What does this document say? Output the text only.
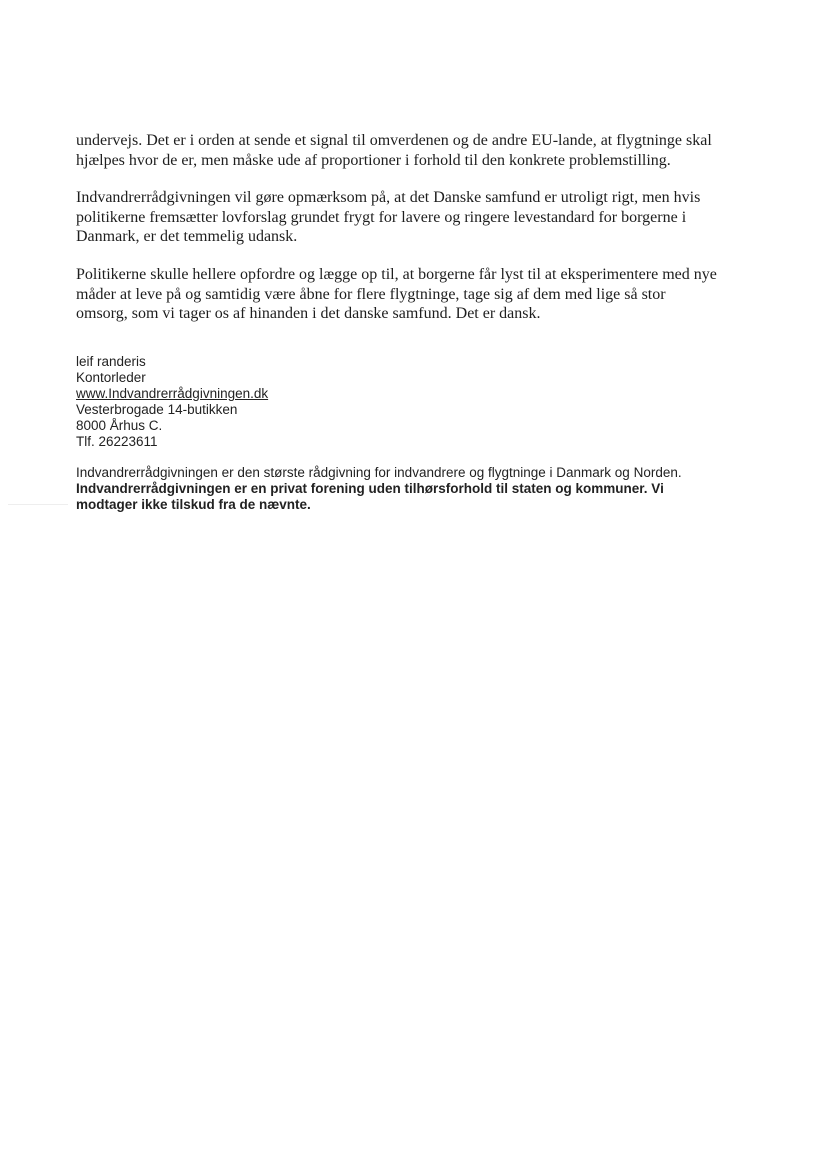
undervejs. Det er i orden at sende et signal til omverdenen og de andre EU-lande, at flygtninge skal
hjælpes hvor de er, men måske ude af proportioner i forhold til den konkrete problemstilling.

Indvandrerrådgivningen vil gøre opmærksom på, at det Danske samfund er utroligt rigt, men hvis
politikerne fremsætter lovforslag grundet frygt for lavere og ringere levestandard for borgerne i
Danmark, er det temmelig udansk.

Politikerne skulle hellere opfordre og lægge op til, at borgerne får lyst til at eksperimentere med nye
måder at leve på og samtidig være åbne for flere flygtninge, tage sig af dem med lige så stor
omsorg, som vi tager os af hinanden i det danske samfund. Det er dansk.

leif randeris
Kontorleder
www.Indvandrerrådgivningen.dk
Vesterbrogade 14-butikken
8000 Århus C.
Tlf. 26223611

Indvandrerrådgivningen er den største rådgivning for indvandrere og flygtninge i Danmark og Norden.

Indvandrerrådgivningen er en privat forening uden tilhørsforhold til staten og kommuner. Vi modtager ikke tilskud fra de nævnte.
